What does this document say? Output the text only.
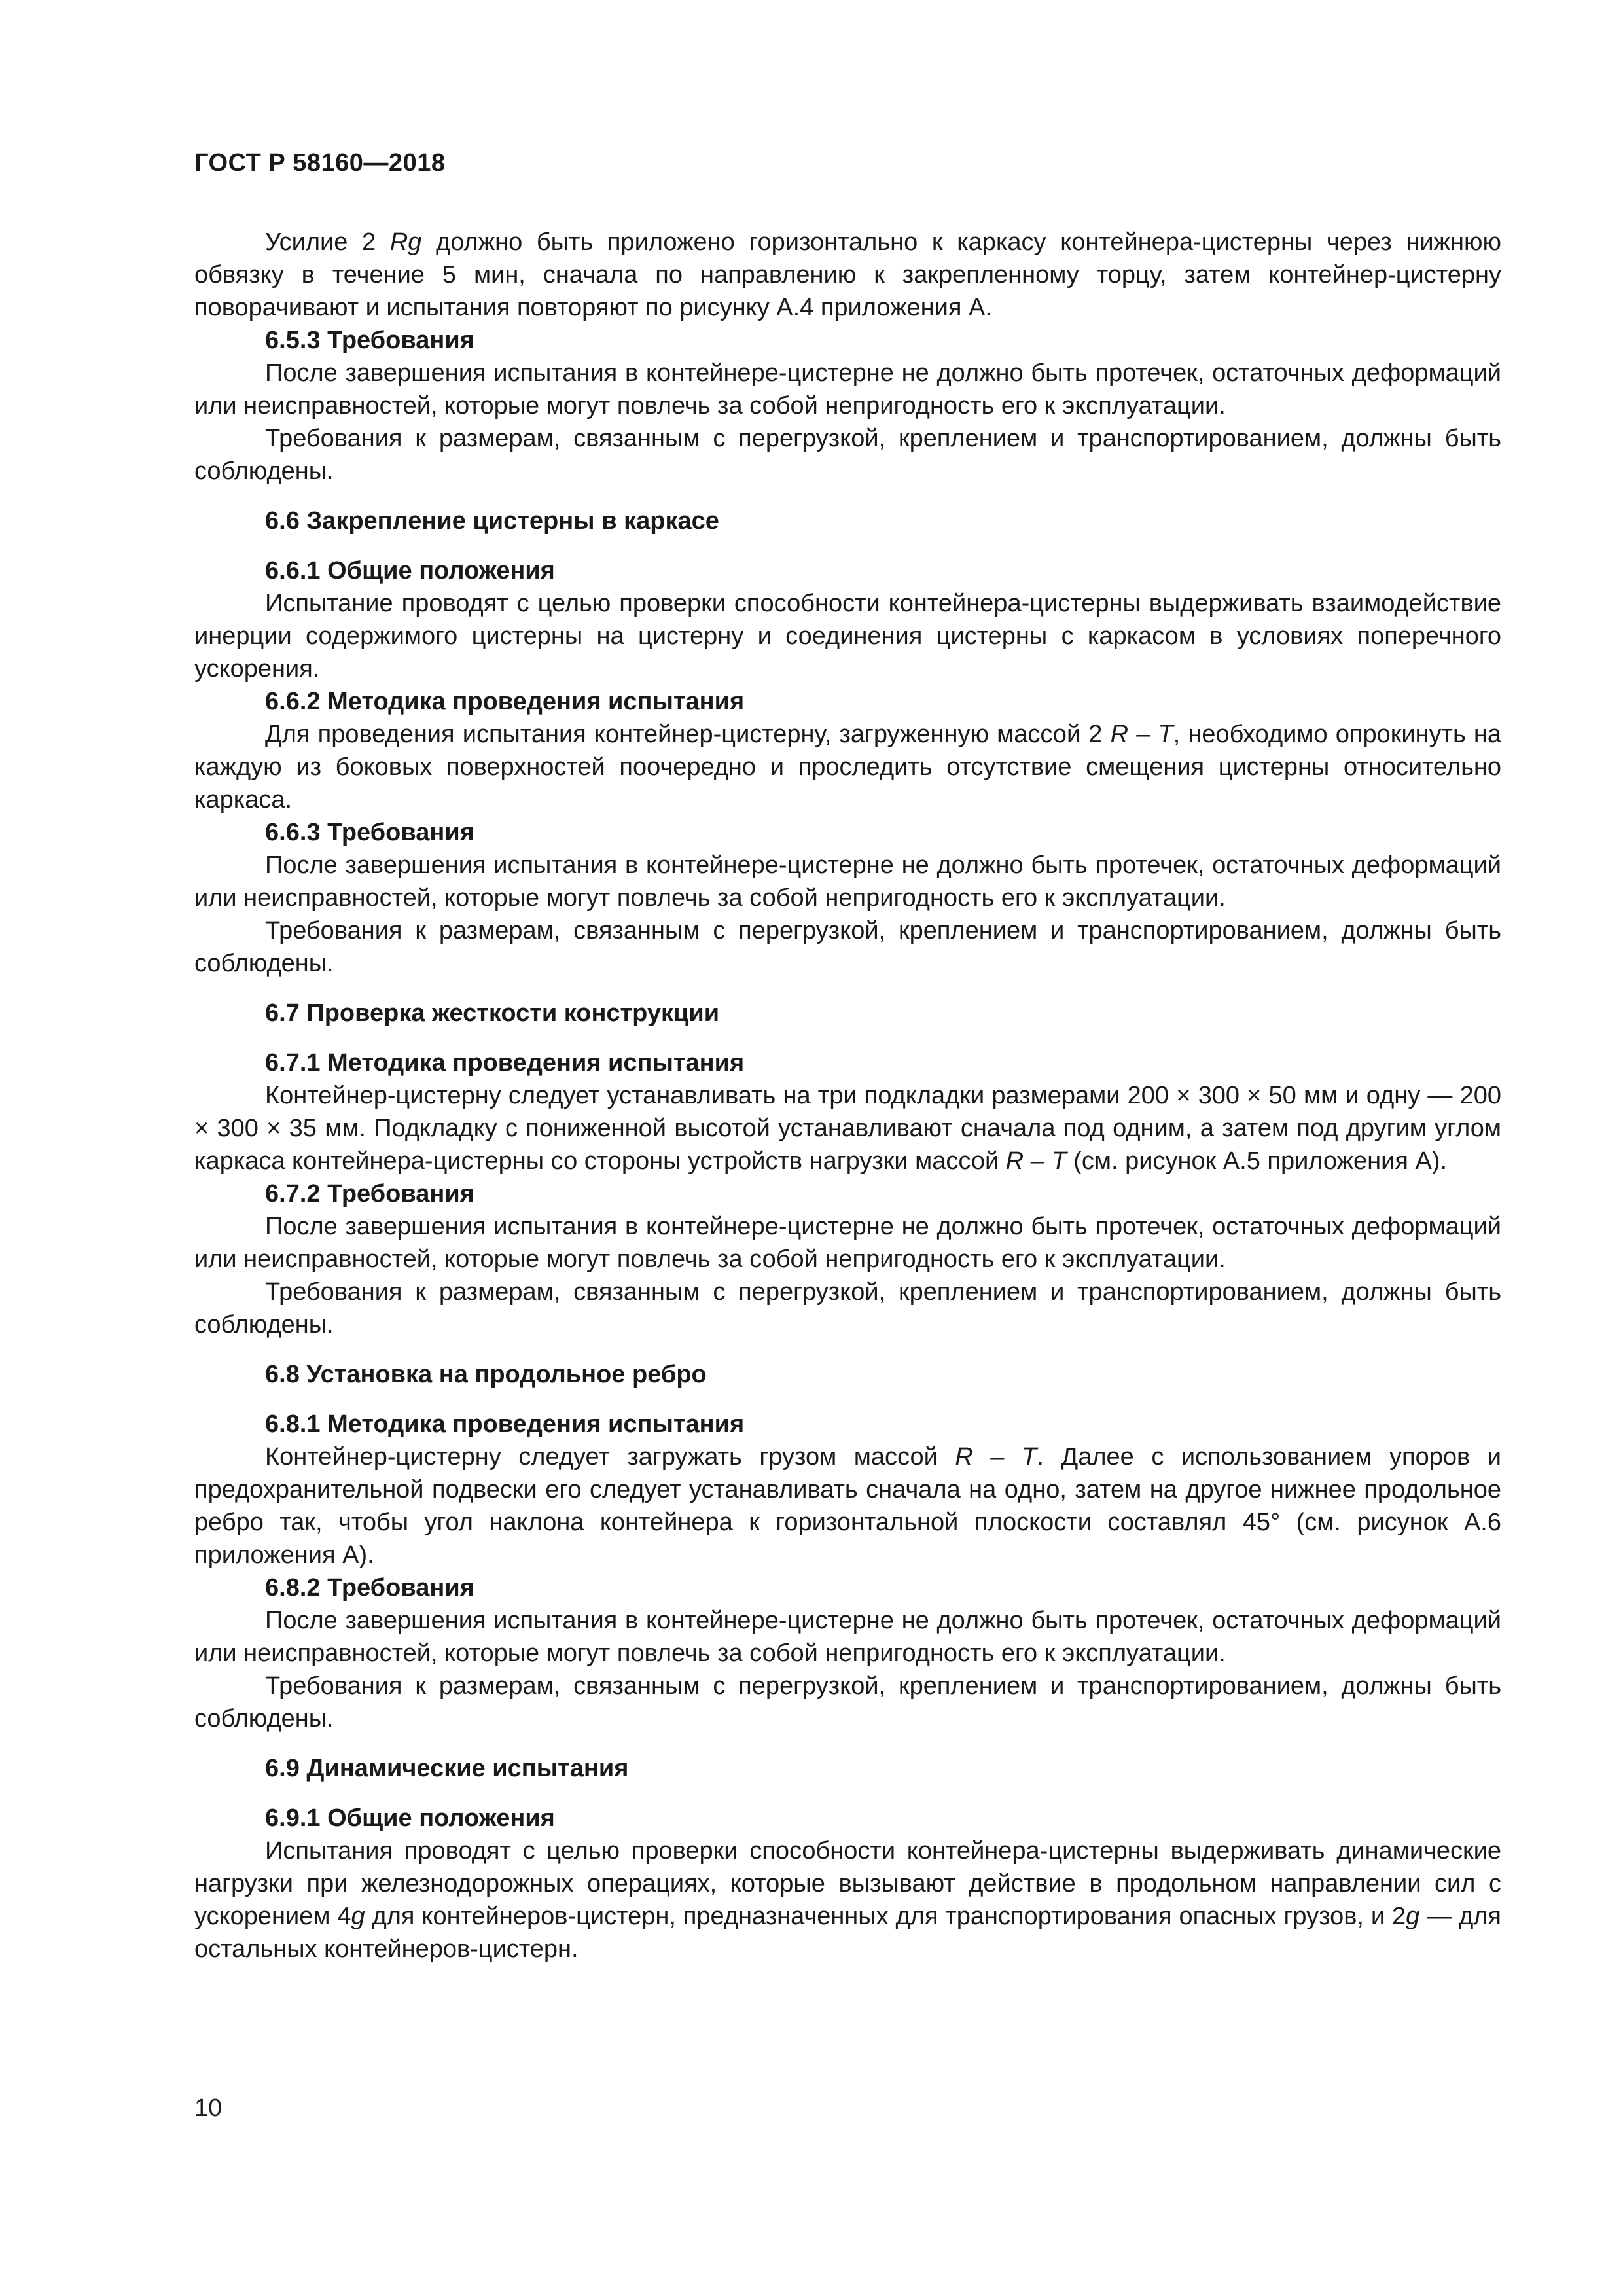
ГОСТ Р 58160—2018

Усилие 2 Rg должно быть приложено горизонтально к каркасу контейнера-цистерны через нижнюю обвязку в течение 5 мин, сначала по направлению к закрепленному торцу, затем контейнер-цистерну поворачивают и испытания повторяют по рисунку А.4 приложения А.

6.5.3 Требования

После завершения испытания в контейнере-цистерне не должно быть протечек, остаточных деформаций или неисправностей, которые могут повлечь за собой непригодность его к эксплуатации.

Требования к размерам, связанным с перегрузкой, креплением и транспортированием, должны быть соблюдены.

6.6 Закрепление цистерны в каркасе

6.6.1 Общие положения

Испытание проводят с целью проверки способности контейнера-цистерны выдерживать взаимодействие инерции содержимого цистерны на цистерну и соединения цистерны с каркасом в условиях поперечного ускорения.

6.6.2 Методика проведения испытания

Для проведения испытания контейнер-цистерну, загруженную массой 2 R – T, необходимо опрокинуть на каждую из боковых поверхностей поочередно и проследить отсутствие смещения цистерны относительно каркаса.

6.6.3 Требования

После завершения испытания в контейнере-цистерне не должно быть протечек, остаточных деформаций или неисправностей, которые могут повлечь за собой непригодность его к эксплуатации.

Требования к размерам, связанным с перегрузкой, креплением и транспортированием, должны быть соблюдены.

6.7 Проверка жесткости конструкции

6.7.1 Методика проведения испытания

Контейнер-цистерну следует устанавливать на три подкладки размерами 200 × 300 × 50 мм и одну — 200 × 300 × 35 мм. Подкладку с пониженной высотой устанавливают сначала под одним, а затем под другим углом каркаса контейнера-цистерны со стороны устройств нагрузки массой R – T (см. рисунок А.5 приложения А).

6.7.2 Требования

После завершения испытания в контейнере-цистерне не должно быть протечек, остаточных деформаций или неисправностей, которые могут повлечь за собой непригодность его к эксплуатации.

Требования к размерам, связанным с перегрузкой, креплением и транспортированием, должны быть соблюдены.

6.8 Установка на продольное ребро

6.8.1 Методика проведения испытания

Контейнер-цистерну следует загружать грузом массой R – T. Далее с использованием упоров и предохранительной подвески его следует устанавливать сначала на одно, затем на другое нижнее продольное ребро так, чтобы угол наклона контейнера к горизонтальной плоскости составлял 45° (см. рисунок А.6 приложения А).

6.8.2 Требования

После завершения испытания в контейнере-цистерне не должно быть протечек, остаточных деформаций или неисправностей, которые могут повлечь за собой непригодность его к эксплуатации.

Требования к размерам, связанным с перегрузкой, креплением и транспортированием, должны быть соблюдены.

6.9 Динамические испытания

6.9.1 Общие положения

Испытания проводят с целью проверки способности контейнера-цистерны выдерживать динамические нагрузки при железнодорожных операциях, которые вызывают действие в продольном направлении сил с ускорением 4g для контейнеров-цистерн, предназначенных для транспортирования опасных грузов, и 2g — для остальных контейнеров-цистерн.

10
